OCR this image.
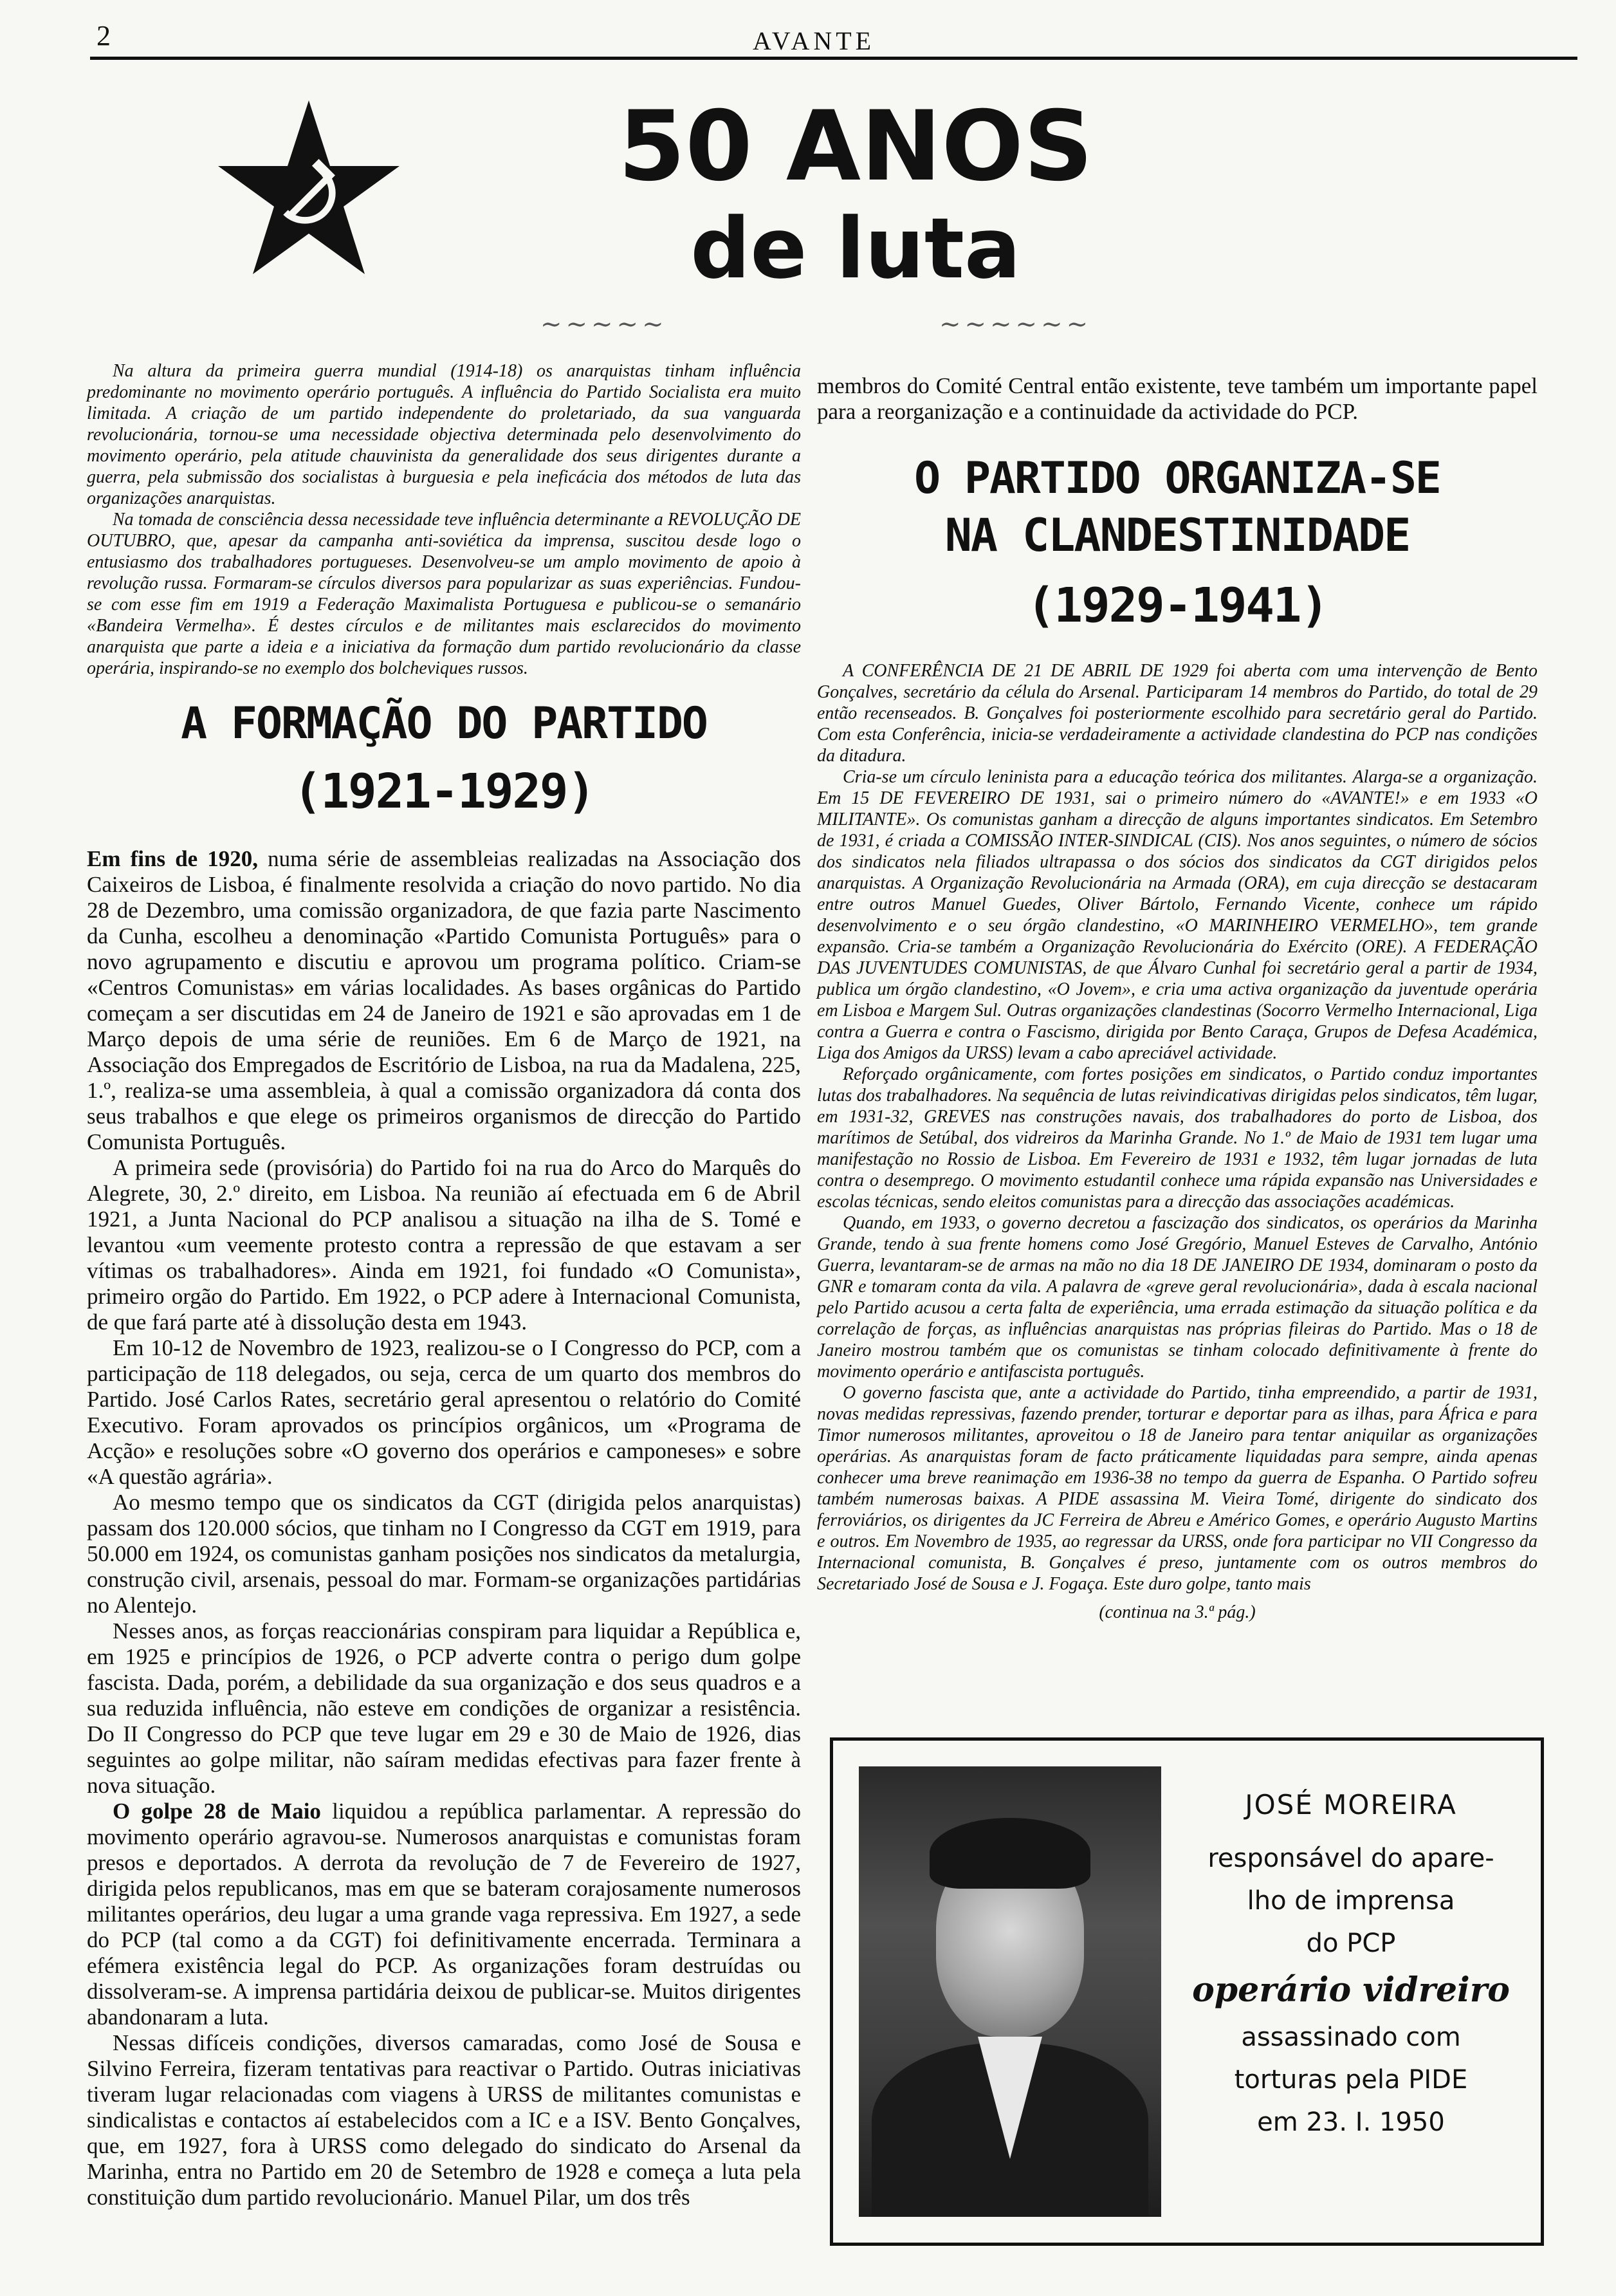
2	AVANTE
50 ANOS
de luta
∼∼∼∼∼	∼∼∼∼∼∼

Na altura da primeira guerra mundial (1914-18) os anarquistas tinham influência predominante no movimento operário português. A influência do Partido Socialista era muito limitada. A criação de um partido independente do proletariado, da sua vanguarda revolucionária, tornou-se uma necessidade objectiva determinada pelo desenvolvimento do movimento operário, pela atitude chauvinista da generalidade dos seus dirigentes durante a guerra, pela submissão dos socialistas à burguesia e pela ineficácia dos métodos de luta das organizações anarquistas.

Na tomada de consciência dessa necessidade teve influência determinante a REVOLUÇÃO DE OUTUBRO, que, apesar da campanha anti-soviética da imprensa, suscitou desde logo o entusiasmo dos trabalhadores portugueses. Desenvolveu-se um amplo movimento de apoio à revolução russa. Formaram-se círculos diversos para popularizar as suas experiências. Fundou-se com esse fim em 1919 a Federação Maximalista Portuguesa e publicou-se o semanário «Bandeira Vermelha». É destes círculos e de militantes mais esclarecidos do movimento anarquista que parte a ideia e a iniciativa da formação dum partido revolucionário da classe operária, inspirando-se no exemplo dos bolcheviques russos.

A FORMAÇÃO DO PARTIDO
(1921-1929)

Em fins de 1920, numa série de assembleias realizadas na Associação dos Caixeiros de Lisboa, é finalmente resolvida a criação do novo partido. No dia 28 de Dezembro, uma comissão organizadora, de que fazia parte Nascimento da Cunha, escolheu a denominação «Partido Comunista Português» para o novo agrupamento e discutiu e aprovou um programa político. Criam-se «Centros Comunistas» em várias localidades. As bases orgânicas do Partido começam a ser discutidas em 24 de Janeiro de 1921 e são aprovadas em 1 de Março depois de uma série de reuniões. Em 6 de Março de 1921, na Associação dos Empregados de Escritório de Lisboa, na rua da Madalena, 225, 1.º, realiza-se uma assembleia, à qual a comissão organizadora dá conta dos seus trabalhos e que elege os primeiros organismos de direcção do Partido Comunista Português.

A primeira sede (provisória) do Partido foi na rua do Arco do Marquês do Alegrete, 30, 2.º direito, em Lisboa. Na reunião aí efectuada em 6 de Abril 1921, a Junta Nacional do PCP analisou a situação na ilha de S. Tomé e levantou «um veemente protesto contra a repressão de que estavam a ser vítimas os trabalhadores». Ainda em 1921, foi fundado «O Comunista», primeiro orgão do Partido. Em 1922, o PCP adere à Internacional Comunista, de que fará parte até à dissolução desta em 1943.

Em 10-12 de Novembro de 1923, realizou-se o I Congresso do PCP, com a participação de 118 delegados, ou seja, cerca de um quarto dos membros do Partido. José Carlos Rates, secretário geral apresentou o relatório do Comité Executivo. Foram aprovados os princípios orgânicos, um «Programa de Acção» e resoluções sobre «O governo dos operários e camponeses» e sobre «A questão agrária».

Ao mesmo tempo que os sindicatos da CGT (dirigida pelos anarquistas) passam dos 120.000 sócios, que tinham no I Congresso da CGT em 1919, para 50.000 em 1924, os comunistas ganham posições nos sindicatos da metalurgia, construção civil, arsenais, pessoal do mar. Formam-se organizações partidárias no Alentejo.

Nesses anos, as forças reaccionárias conspiram para liquidar a República e, em 1925 e princípios de 1926, o PCP adverte contra o perigo dum golpe fascista. Dada, porém, a debilidade da sua organização e dos seus quadros e a sua reduzida influência, não esteve em condições de organizar a resistência. Do II Congresso do PCP que teve lugar em 29 e 30 de Maio de 1926, dias seguintes ao golpe militar, não saíram medidas efectivas para fazer frente à nova situação.

O golpe 28 de Maio liquidou a república parlamentar. A repressão do movimento operário agravou-se. Numerosos anarquistas e comunistas foram presos e deportados. A derrota da revolução de 7 de Fevereiro de 1927, dirigida pelos republicanos, mas em que se bateram corajosamente numerosos militantes operários, deu lugar a uma grande vaga repressiva. Em 1927, a sede do PCP (tal como a da CGT) foi definitivamente encerrada. Terminara a efémera existência legal do PCP. As organizações foram destruídas ou dissolveram-se. A imprensa partidária deixou de publicar-se. Muitos dirigentes abandonaram a luta.

Nessas difíceis condições, diversos camaradas, como José de Sousa e Silvino Ferreira, fizeram tentativas para reactivar o Partido. Outras iniciativas tiveram lugar relacionadas com viagens à URSS de militantes comunistas e sindicalistas e contactos aí estabelecidos com a IC e a ISV. Bento Gonçalves, que, em 1927, fora à URSS como delegado do sindicato do Arsenal da Marinha, entra no Partido em 20 de Setembro de 1928 e começa a luta pela constituição dum partido revolucionário. Manuel Pilar, um dos três

membros do Comité Central então existente, teve também um importante papel para a reorganização e a continuidade da actividade do PCP.

O PARTIDO ORGANIZA-SE
NA CLANDESTINIDADE
(1929-1941)

A CONFERÊNCIA DE 21 DE ABRIL DE 1929 foi aberta com uma intervenção de Bento Gonçalves, secretário da célula do Arsenal. Participaram 14 membros do Partido, do total de 29 então recenseados. B. Gonçalves foi posteriormente escolhido para secretário geral do Partido. Com esta Conferência, inicia-se verdadeiramente a actividade clandestina do PCP nas condições da ditadura.

Cria-se um círculo leninista para a educação teórica dos militantes. Alarga-se a organização. Em 15 DE FEVEREIRO DE 1931, sai o primeiro número do «AVANTE!» e em 1933 «O MILITANTE». Os comunistas ganham a direcção de alguns importantes sindicatos. Em Setembro de 1931, é criada a COMISSÃO INTER-SINDICAL (CIS). Nos anos seguintes, o número de sócios dos sindicatos nela filiados ultrapassa o dos sócios dos sindicatos da CGT dirigidos pelos anarquistas. A Organização Revolucionária na Armada (ORA), em cuja direcção se destacaram entre outros Manuel Guedes, Oliver Bártolo, Fernando Vicente, conhece um rápido desenvolvimento e o seu órgão clandestino, «O MARINHEIRO VERMELHO», tem grande expansão. Cria-se também a Organização Revolucionária do Exército (ORE). A FEDERAÇÃO DAS JUVENTUDES COMUNISTAS, de que Álvaro Cunhal foi secretário geral a partir de 1934, publica um órgão clandestino, «O Jovem», e cria uma activa organização da juventude operária em Lisboa e Margem Sul. Outras organizações clandestinas (Socorro Vermelho Internacional, Liga contra a Guerra e contra o Fascismo, dirigida por Bento Caraça, Grupos de Defesa Académica, Liga dos Amigos da URSS) levam a cabo apreciável actividade.

Reforçado orgânicamente, com fortes posições em sindicatos, o Partido conduz importantes lutas dos trabalhadores. Na sequência de lutas reivindicativas dirigidas pelos sindicatos, têm lugar, em 1931-32, GREVES nas construções navais, dos trabalhadores do porto de Lisboa, dos marítimos de Setúbal, dos vidreiros da Marinha Grande. No 1.º de Maio de 1931 tem lugar uma manifestação no Rossio de Lisboa. Em Fevereiro de 1931 e 1932, têm lugar jornadas de luta contra o desemprego. O movimento estudantil conhece uma rápida expansão nas Universidades e escolas técnicas, sendo eleitos comunistas para a direcção das associações académicas.

Quando, em 1933, o governo decretou a fascização dos sindicatos, os operários da Marinha Grande, tendo à sua frente homens como José Gregório, Manuel Esteves de Carvalho, António Guerra, levantaram-se de armas na mão no dia 18 DE JANEIRO DE 1934, dominaram o posto da GNR e tomaram conta da vila. A palavra de «greve geral revolucionária», dada à escala nacional pelo Partido acusou a certa falta de experiência, uma errada estimação da situação política e da correlação de forças, as influências anarquistas nas próprias fileiras do Partido. Mas o 18 de Janeiro mostrou também que os comunistas se tinham colocado definitivamente à frente do movimento operário e antifascista português.

O governo fascista que, ante a actividade do Partido, tinha empreendido, a partir de 1931, novas medidas repressivas, fazendo prender, torturar e deportar para as ilhas, para África e para Timor numerosos militantes, aproveitou o 18 de Janeiro para tentar aniquilar as organizações operárias. As anarquistas foram de facto práticamente liquidadas para sempre, ainda apenas conhecer uma breve reanimação em 1936-38 no tempo da guerra de Espanha. O Partido sofreu também numerosas baixas. A PIDE assassina M. Vieira Tomé, dirigente do sindicato dos ferroviários, os dirigentes da JC Ferreira de Abreu e Américo Gomes, e operário Augusto Martins e outros. Em Novembro de 1935, ao regressar da URSS, onde fora participar no VII Congresso da Internacional comunista, B. Gonçalves é preso, juntamente com os outros membros do Secretariado José de Sousa e J. Fogaça. Este duro golpe, tanto mais

(continua na 3.ª pág.)

JOSÉ MOREIRA
responsável do apare-
lho de imprensa
do PCP
operário vidreiro
assassinado com
torturas pela PIDE
em 23. I. 1950
